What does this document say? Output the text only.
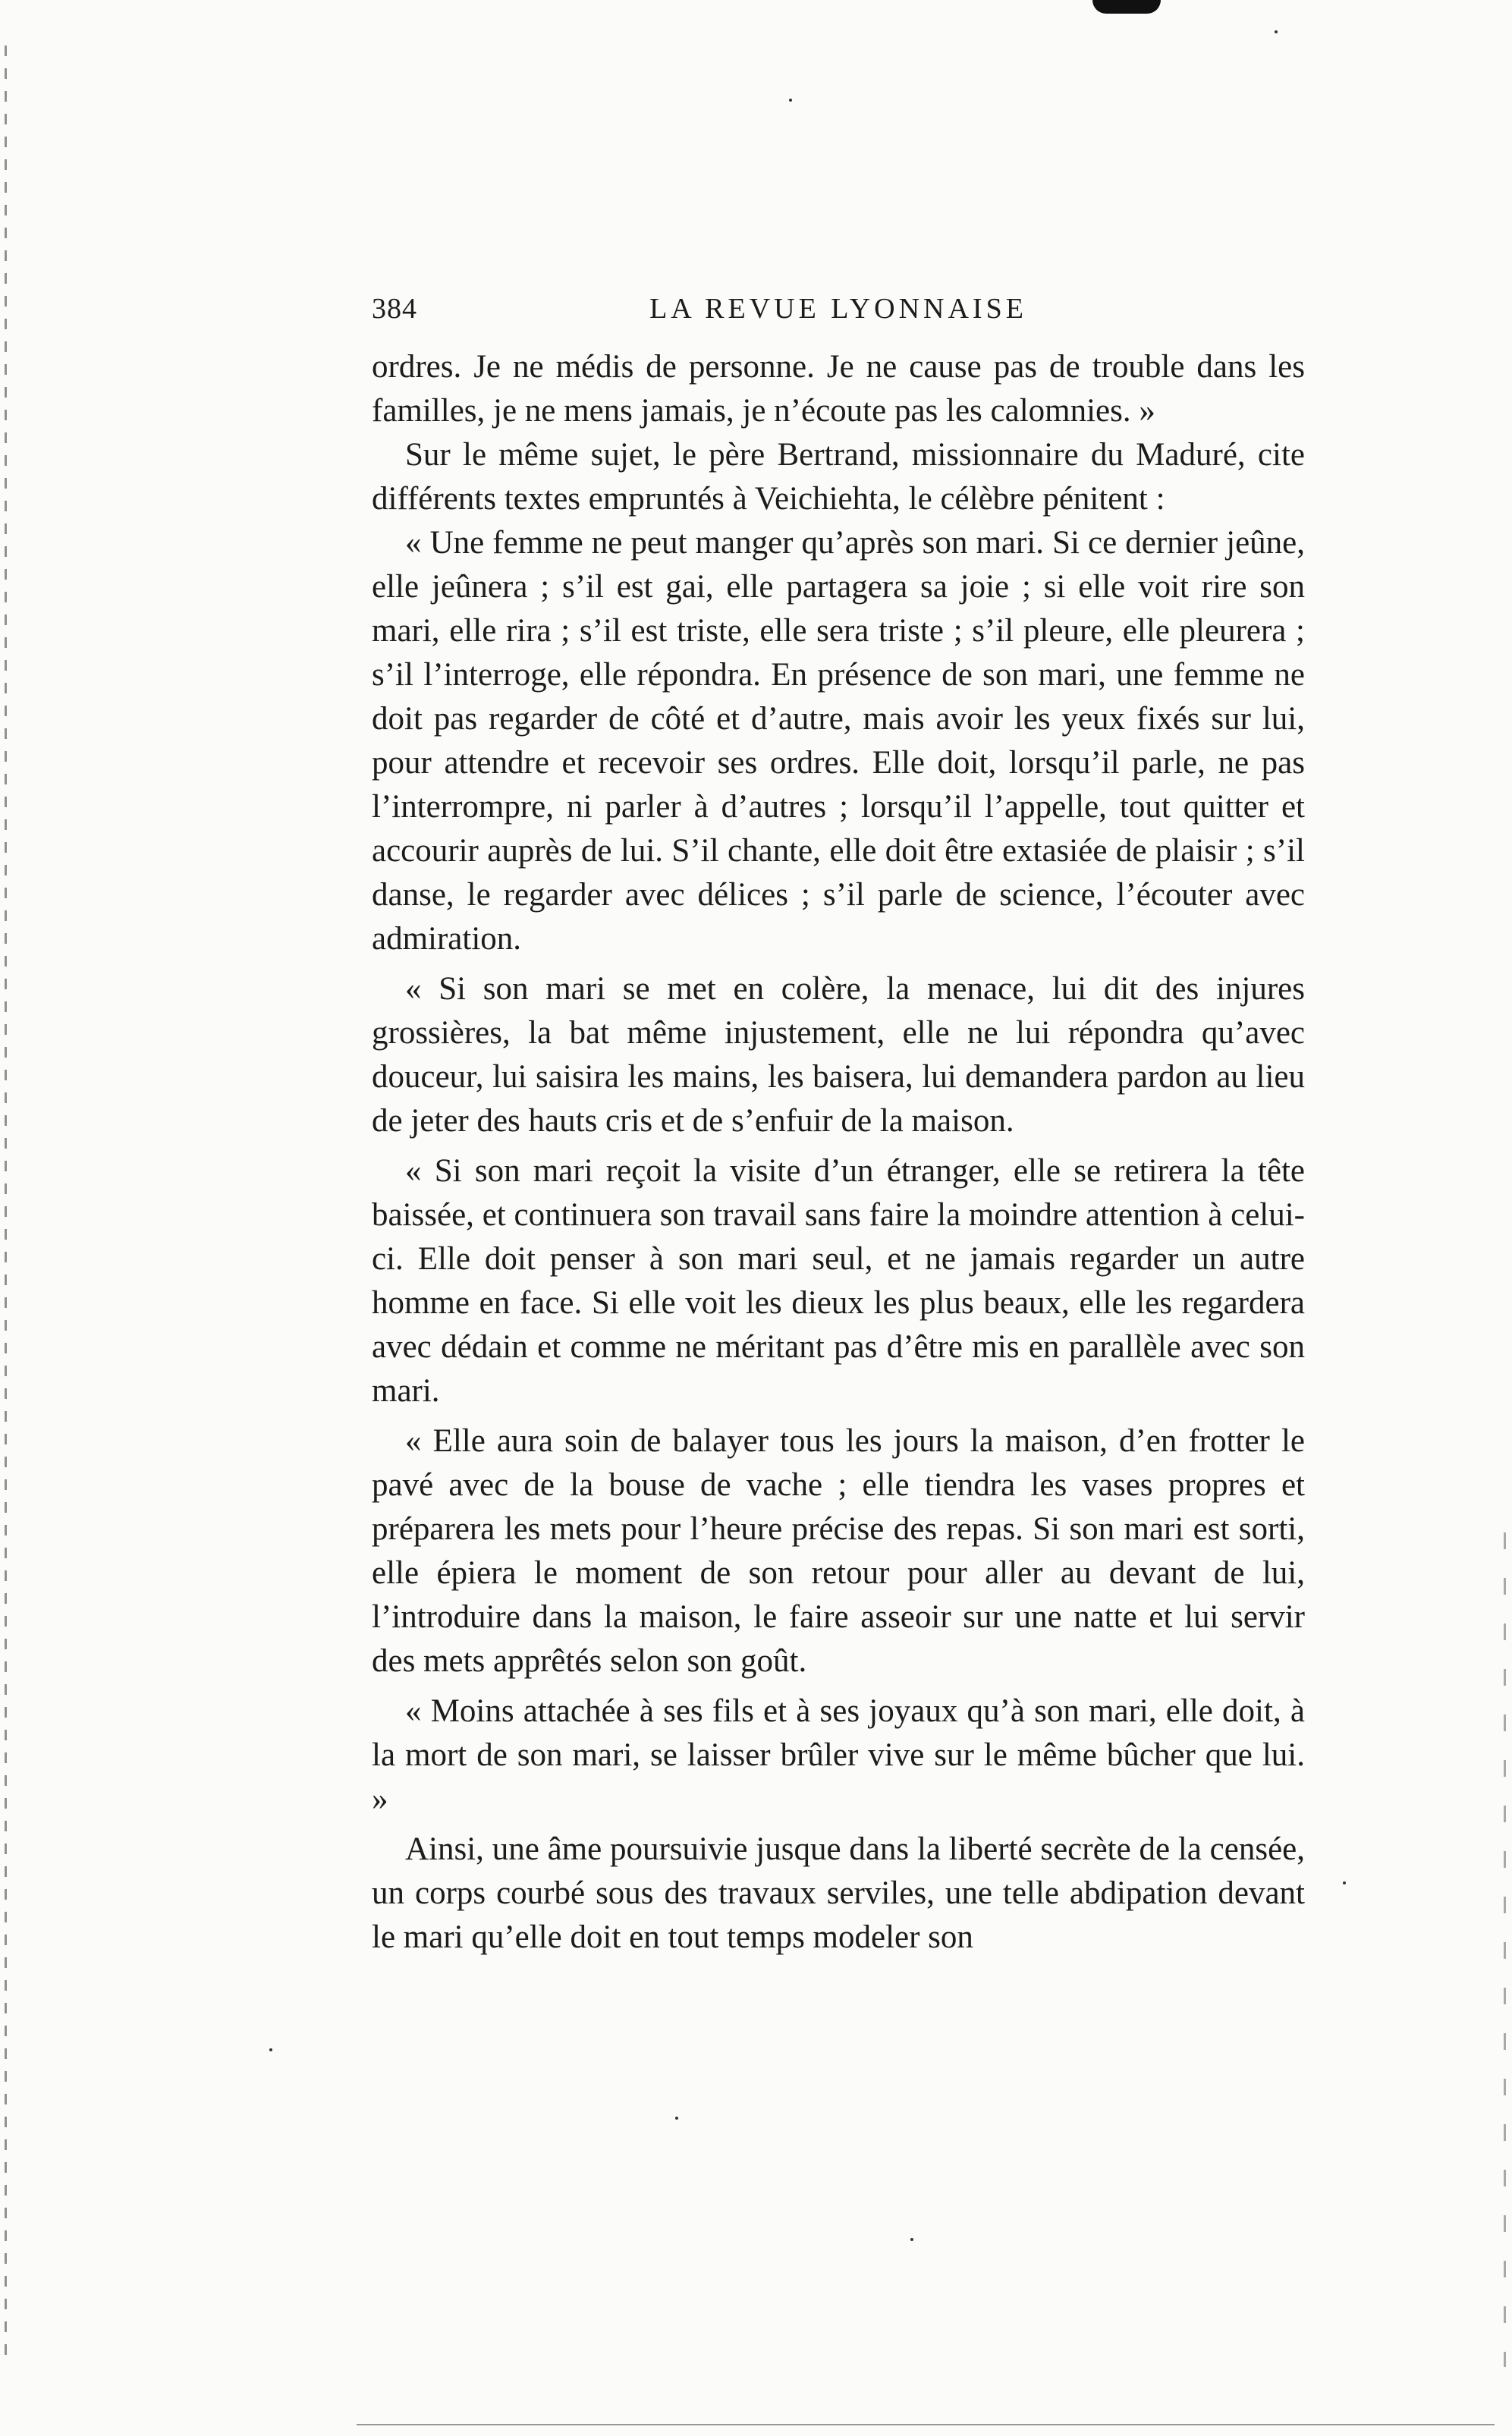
384	LA REVUE LYONNAISE

ordres. Je ne médis de personne. Je ne cause pas de trouble dans les familles, je ne mens jamais, je n’écoute pas les calomnies. »

Sur le même sujet, le père Bertrand, missionnaire du Maduré, cite différents textes empruntés à Veichiehta, le célèbre pénitent :

« Une femme ne peut manger qu’après son mari. Si ce dernier jeûne, elle jeûnera ; s’il est gai, elle partagera sa joie ; si elle voit rire son mari, elle rira ; s’il est triste, elle sera triste ; s’il pleure, elle pleurera ; s’il l’interroge, elle répondra. En présence de son mari, une femme ne doit pas regarder de côté et d’autre, mais avoir les yeux fixés sur lui, pour attendre et recevoir ses ordres. Elle doit, lorsqu’il parle, ne pas l’interrompre, ni parler à d’autres ; lorsqu’il l’appelle, tout quitter et accourir auprès de lui. S’il chante, elle doit être extasiée de plaisir ; s’il danse, le regarder avec délices ; s’il parle de science, l’écouter avec admiration.

« Si son mari se met en colère, la menace, lui dit des injures grossières, la bat même injustement, elle ne lui répondra qu’avec douceur, lui saisira les mains, les baisera, lui demandera pardon au lieu de jeter des hauts cris et de s’enfuir de la maison.

« Si son mari reçoit la visite d’un étranger, elle se retirera la tête baissée, et continuera son travail sans faire la moindre attention à celui-ci. Elle doit penser à son mari seul, et ne jamais regarder un autre homme en face. Si elle voit les dieux les plus beaux, elle les regardera avec dédain et comme ne méritant pas d’être mis en parallèle avec son mari.

« Elle aura soin de balayer tous les jours la maison, d’en frotter le pavé avec de la bouse de vache ; elle tiendra les vases propres et préparera les mets pour l’heure précise des repas. Si son mari est sorti, elle épiera le moment de son retour pour aller au devant de lui, l’introduire dans la maison, le faire asseoir sur une natte et lui servir des mets apprêtés selon son goût.

« Moins attachée à ses fils et à ses joyaux qu’à son mari, elle doit, à la mort de son mari, se laisser brûler vive sur le même bûcher que lui. »

Ainsi, une âme poursuivie jusque dans la liberté secrète de la censée, un corps courbé sous des travaux serviles, une telle abdipation devant le mari qu’elle doit en tout temps modeler son
